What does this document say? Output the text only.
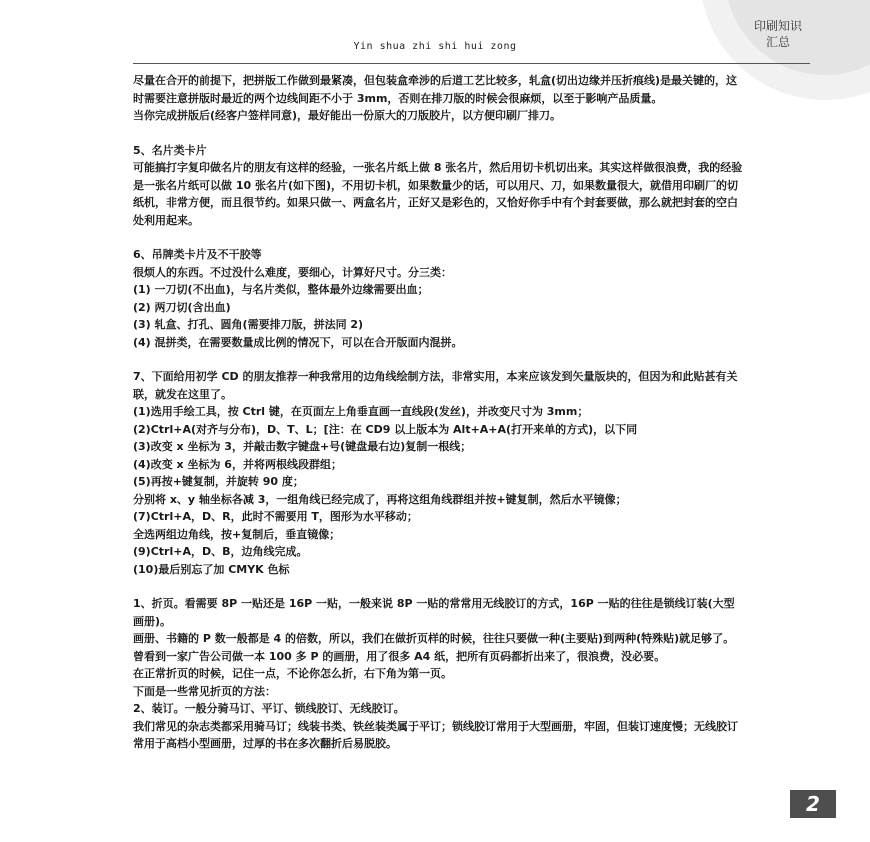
印刷知识
汇总
Yin shua zhi shi hui zong

尽量在合开的前提下，把拼版工作做到最紧凑，但包装盒牵涉的后道工艺比较多，轧盒(切出边缘并压折痕线)是最关键的，这时需要注意拼版时最近的两个边线间距不小于 3mm，否则在排刀版的时候会很麻烦，以至于影响产品质量。

当你完成拼版后(经客户签样同意)，最好能出一份原大的刀版胶片，以方便印刷厂排刀。

5、名片类卡片

可能搞打字复印做名片的朋友有这样的经验，一张名片纸上做 8 张名片，然后用切卡机切出来。其实这样做很浪费，我的经验是一张名片纸可以做 10 张名片(如下图)，不用切卡机，如果数量少的话，可以用尺、刀，如果数量很大，就借用印刷厂的切纸机，非常方便，而且很节约。如果只做一、两盒名片，正好又是彩色的，又恰好你手中有个封套要做，那么就把封套的空白处利用起来。

6、吊牌类卡片及不干胶等

很烦人的东西。不过没什么难度，要细心，计算好尺寸。分三类：

(1) 一刀切(不出血)，与名片类似，整体最外边缘需要出血；

(2) 两刀切(含出血)

(3) 轧盒、打孔、圆角(需要排刀版，拼法同 2)

(4) 混拼类，在需要数量成比例的情况下，可以在合开版面内混拼。

7、下面给用初学 CD 的朋友推荐一种我常用的边角线绘制方法，非常实用，本来应该发到矢量版块的，但因为和此贴甚有关联，就发在这里了。

(1)选用手绘工具，按 Ctrl 键，在页面左上角垂直画一直线段(发丝)，并改变尺寸为 3mm；

(2)Ctrl+A(对齐与分布)，D、T、L；[注：在 CD9 以上版本为 Alt+A+A(打开来单的方式)，以下同

(3)改变 x 坐标为 3，并敲击数字键盘+号(键盘最右边)复制一根线；

(4)改变 x 坐标为 6，并将两根线段群组；

(5)再按+键复制，并旋转 90 度；

分别将 x、y 轴坐标各减 3，一组角线已经完成了，再将这组角线群组并按+键复制，然后水平镜像；

(7)Ctrl+A，D、R，此时不需要用 T，图形为水平移动；

全选两组边角线，按+复制后，垂直镜像；

(9)Ctrl+A，D、B，边角线完成。

(10)最后别忘了加 CMYK 色标

1、折页。看需要 8P 一贴还是 16P 一贴，一般来说 8P 一贴的常常用无线胶订的方式，16P 一贴的往往是锁线订装(大型画册)。

画册、书籍的 P 数一般都是 4 的倍数，所以，我们在做折页样的时候，往往只要做一种(主要贴)到两种(特殊贴)就足够了。曾看到一家广告公司做一本 100 多 P 的画册，用了很多 A4 纸，把所有页码都折出来了，很浪费，没必要。

在正常折页的时候，记住一点，不论你怎么折，右下角为第一页。

下面是一些常见折页的方法：

2、装订。一般分骑马订、平订、锁线胶订、无线胶订。

我们常见的杂志类都采用骑马订；线装书类、铁丝装类属于平订；锁线胶订常用于大型画册，牢固，但装订速度慢；无线胶订常用于高档小型画册，过厚的书在多次翻折后易脱胶。

2
